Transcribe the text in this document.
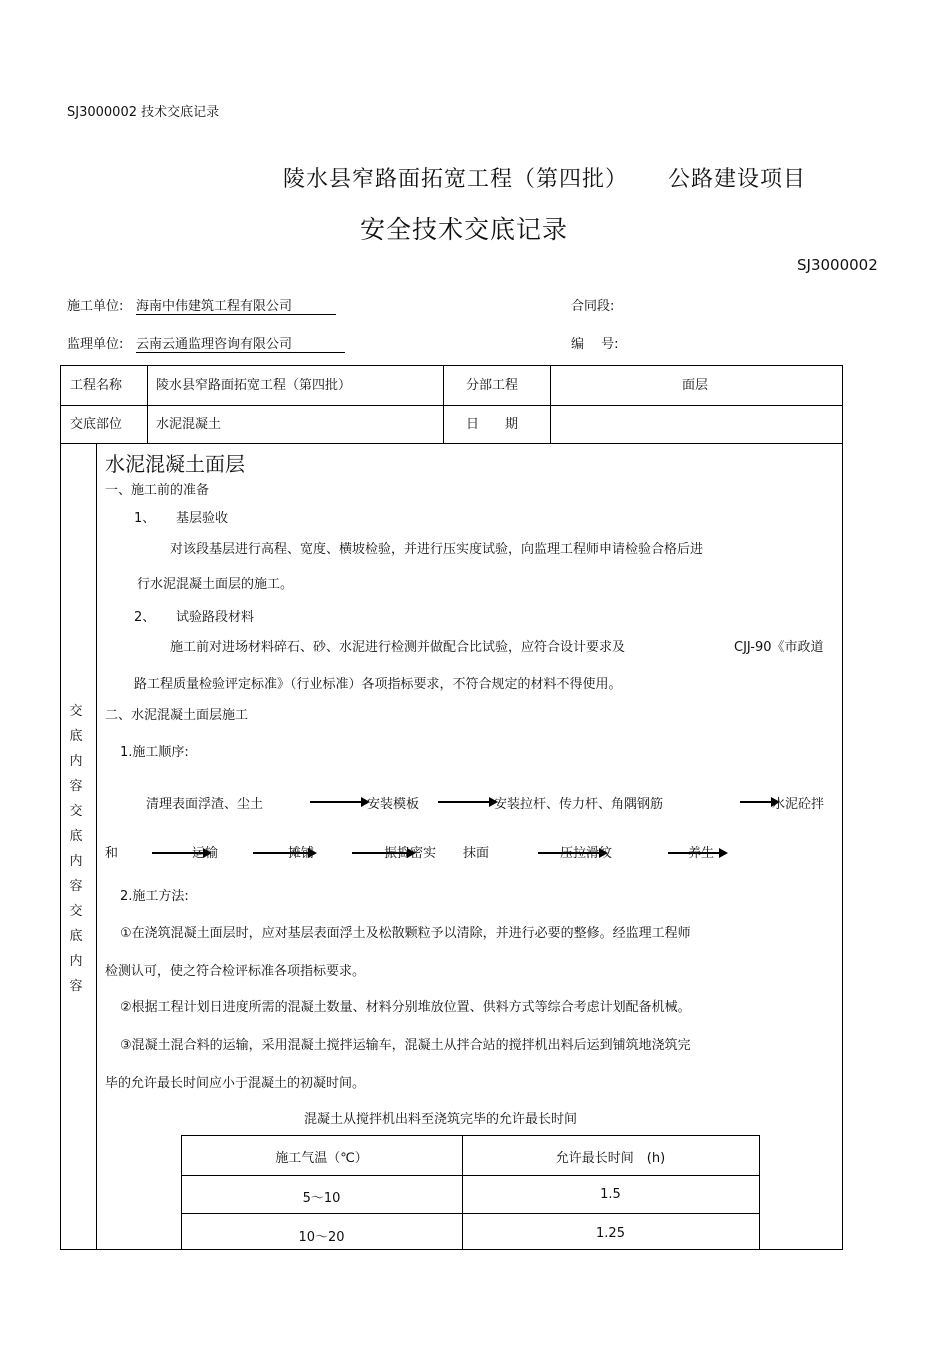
SJ3000002 技术交底记录
陵水县窄路面拓宽工程（第四批） 公路建设项目
安全技术交底记录
SJ3000002
施工单位: 海南中伟建筑工程有限公司	合同段:
监理单位: 云南云通监理咨询有限公司	编　 号:
工程名称	陵水县窄路面拓宽工程（第四批）	分部工程	面层
交底部位	水泥混凝土	日　　期
交
底
内
容
交
底
内
容
交
底
内
容
水泥混凝土面层
一、施工前的准备
1、 基层验收
对该段基层进行高程、宽度、横坡检验，并进行压实度试验，向监理工程师申请检验合格后进
行水泥混凝土面层的施工。
2、 试验路段材料
施工前对进场材料碎石、砂、水泥进行检测并做配合比试验，应符合设计要求及	CJJ-90《市政道
路工程质量检验评定标准》（行业标准）各项指标要求，不符合规定的材料不得使用。
二、水泥混凝土面层施工
1.施工顺序:
清理表面浮渣、尘土	安装模板	安装拉杆、传力杆、角隅钢筋	水泥砼拌
和	运输	摊铺	振捣密实 抹面	压拉滑纹	养生
2.施工方法:
①在浇筑混凝土面层时，应对基层表面浮土及松散颗粒予以清除，并进行必要的整修。经监理工程师
检测认可，使之符合检评标准各项指标要求。
②根据工程计划日进度所需的混凝土数量、材料分别堆放位置、供料方式等综合考虑计划配备机械。
③混凝土混合料的运输，采用混凝土搅拌运输车，混凝土从拌合站的搅拌机出料后运到铺筑地浇筑完
毕的允许最长时间应小于混凝土的初凝时间。
混凝土从搅拌机出料至浇筑完毕的允许最长时间
施工气温（℃）	允许最长时间　(h)
5～10	1.5
10～20	1.25
